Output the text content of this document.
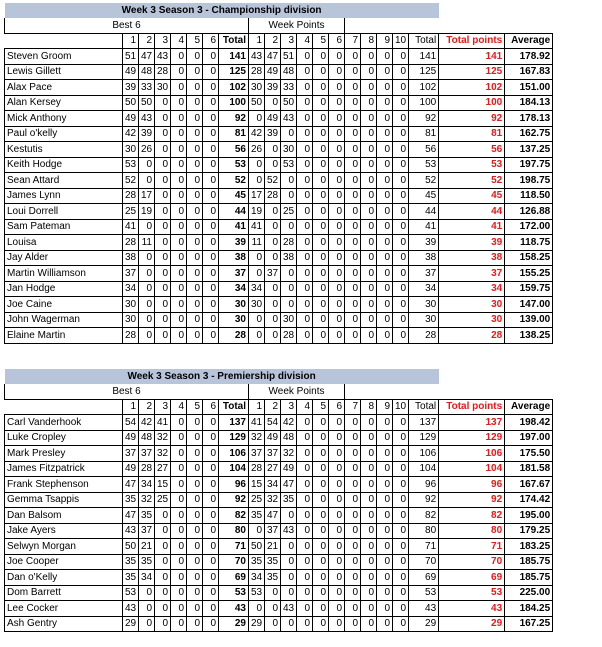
Week 3 Season 3 - Championship division																				
Best 6								Week Points												
	1	2	3	4	5	6	Total	1	2	3	4	5	6	7	8	9	10	Total	Total points	Average
Steven Groom	51	47	43	0	0	0	141	43	47	51	0	0	0	0	0	0	0	141	141	178.92
Lewis Gillett	49	48	28	0	0	0	125	28	49	48	0	0	0	0	0	0	0	125	125	167.83
Alax Pace	39	33	30	0	0	0	102	30	39	33	0	0	0	0	0	0	0	102	102	151.00
Alan Kersey	50	50	0	0	0	0	100	50	0	50	0	0	0	0	0	0	0	100	100	184.13
Mick Anthony	49	43	0	0	0	0	92	0	49	43	0	0	0	0	0	0	0	92	92	178.13
Paul o'kelly	42	39	0	0	0	0	81	42	39	0	0	0	0	0	0	0	0	81	81	162.75
Kestutis	30	26	0	0	0	0	56	26	0	30	0	0	0	0	0	0	0	56	56	137.25
Keith Hodge	53	0	0	0	0	0	53	0	0	53	0	0	0	0	0	0	0	53	53	197.75
Sean Attard	52	0	0	0	0	0	52	0	52	0	0	0	0	0	0	0	0	52	52	198.75
James Lynn	28	17	0	0	0	0	45	17	28	0	0	0	0	0	0	0	0	45	45	118.50
Loui Dorrell	25	19	0	0	0	0	44	19	0	25	0	0	0	0	0	0	0	44	44	126.88
Sam Pateman	41	0	0	0	0	0	41	41	0	0	0	0	0	0	0	0	0	41	41	172.00
Louisa	28	11	0	0	0	0	39	11	0	28	0	0	0	0	0	0	0	39	39	118.75
Jay Alder	38	0	0	0	0	0	38	0	0	38	0	0	0	0	0	0	0	38	38	158.25
Martin Williamson	37	0	0	0	0	0	37	0	37	0	0	0	0	0	0	0	0	37	37	155.25
Jan Hodge	34	0	0	0	0	0	34	34	0	0	0	0	0	0	0	0	0	34	34	159.75
Joe Caine	30	0	0	0	0	0	30	30	0	0	0	0	0	0	0	0	0	30	30	147.00
John Wagerman	30	0	0	0	0	0	30	0	0	30	0	0	0	0	0	0	0	30	30	139.00
Elaine Martin	28	0	0	0	0	0	28	0	0	28	0	0	0	0	0	0	0	28	28	138.25
Week 3 Season 3 - Premiership division																				
Best 6								Week Points												
	1	2	3	4	5	6	Total	1	2	3	4	5	6	7	8	9	10	Total	Total points	Average
Carl Vanderhook	54	42	41	0	0	0	137	41	54	42	0	0	0	0	0	0	0	137	137	198.42
Luke Cropley	49	48	32	0	0	0	129	32	49	48	0	0	0	0	0	0	0	129	129	197.00
Mark Presley	37	37	32	0	0	0	106	37	37	32	0	0	0	0	0	0	0	106	106	175.50
James Fitzpatrick	49	28	27	0	0	0	104	28	27	49	0	0	0	0	0	0	0	104	104	181.58
Frank Stephenson	47	34	15	0	0	0	96	15	34	47	0	0	0	0	0	0	0	96	96	167.67
Gemma Tsappis	35	32	25	0	0	0	92	25	32	35	0	0	0	0	0	0	0	92	92	174.42
Dan Balsom	47	35	0	0	0	0	82	35	47	0	0	0	0	0	0	0	0	82	82	195.00
Jake Ayers	43	37	0	0	0	0	80	0	37	43	0	0	0	0	0	0	0	80	80	179.25
Selwyn Morgan	50	21	0	0	0	0	71	50	21	0	0	0	0	0	0	0	0	71	71	183.25
Joe Cooper	35	35	0	0	0	0	70	35	35	0	0	0	0	0	0	0	0	70	70	185.75
Dan o'Kelly	35	34	0	0	0	0	69	34	35	0	0	0	0	0	0	0	0	69	69	185.75
Dom Barrett	53	0	0	0	0	0	53	53	0	0	0	0	0	0	0	0	0	53	53	225.00
Lee Cocker	43	0	0	0	0	0	43	0	0	43	0	0	0	0	0	0	0	43	43	184.25
Ash Gentry	29	0	0	0	0	0	29	29	0	0	0	0	0	0	0	0	0	29	29	167.25
